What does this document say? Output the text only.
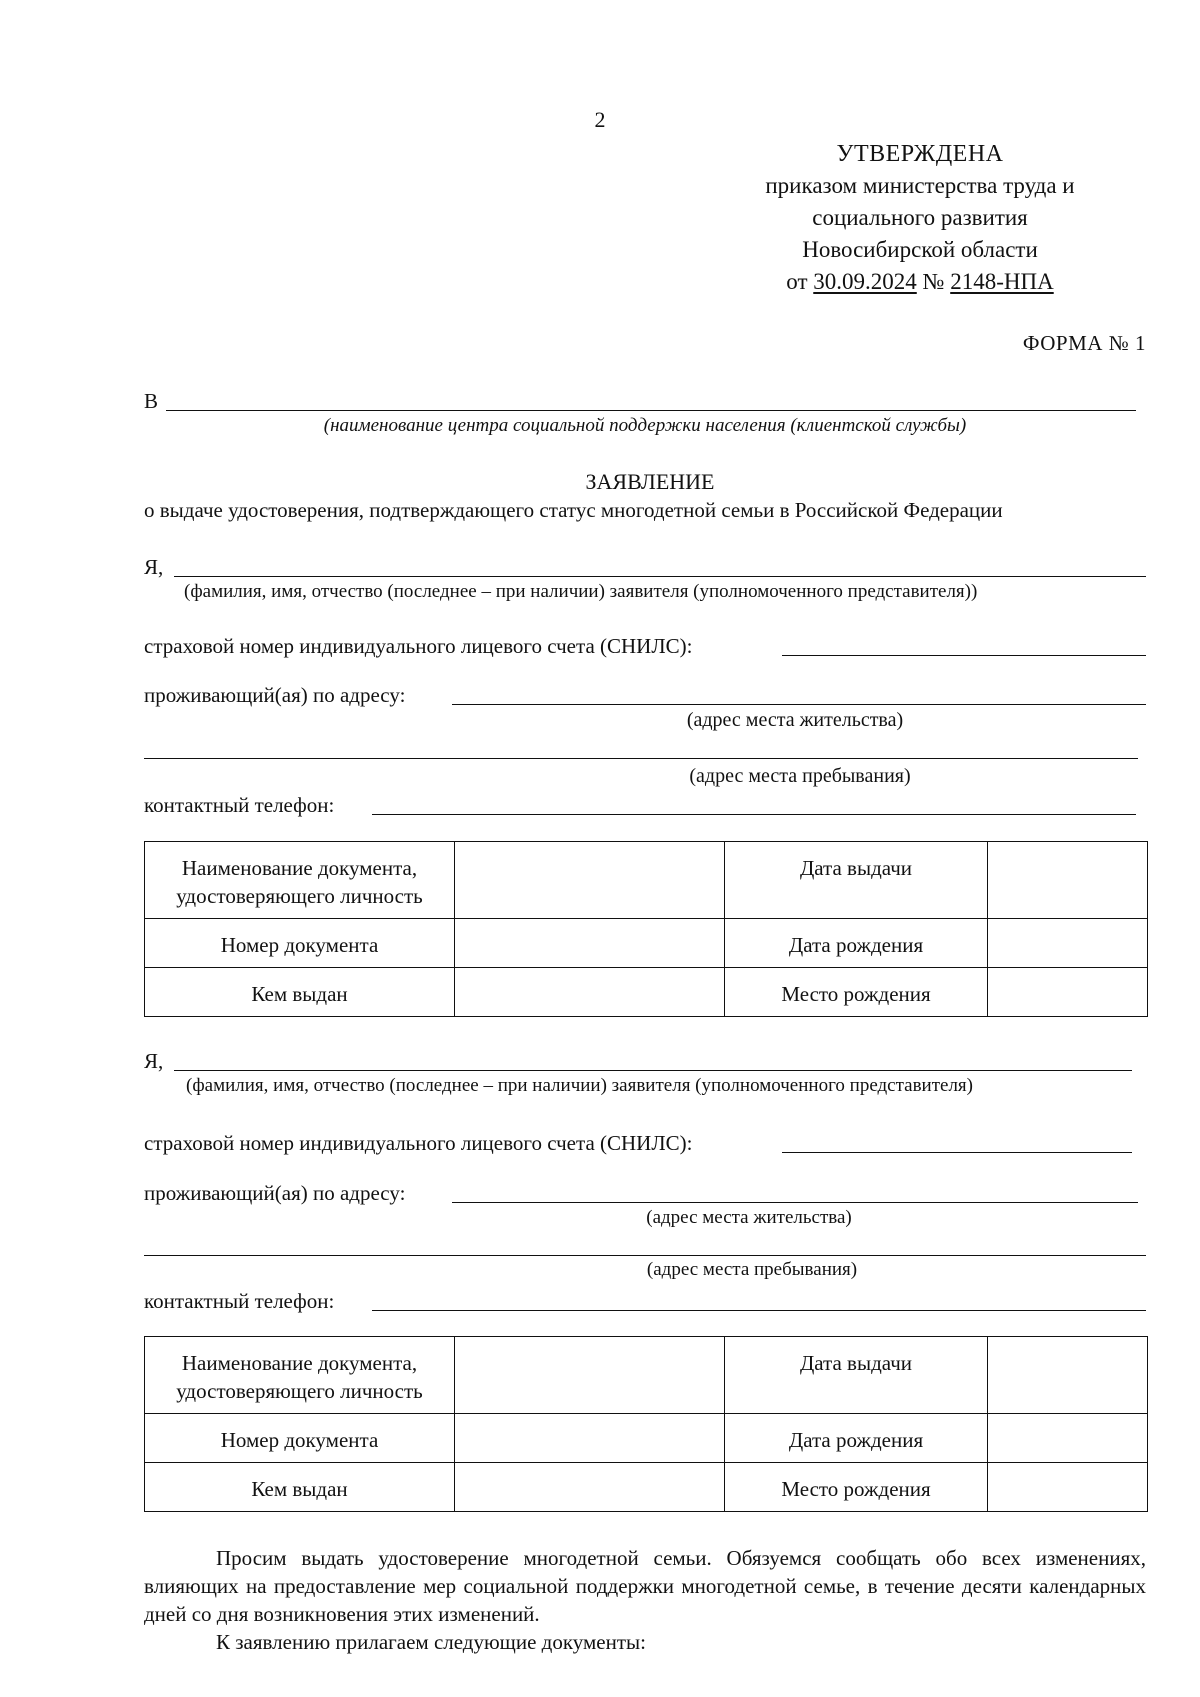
2
УТВЕРЖДЕНА
приказом министерства труда и
социального развития
Новосибирской области
от 30.09.2024 № 2148-НПА
ФОРМА № 1
В
(наименование центра социальной поддержки населения (клиентской службы)
ЗАЯВЛЕНИЕ
о выдаче удостоверения, подтверждающего статус многодетной семьи в Российской Федерации
Я,
(фамилия, имя, отчество (последнее – при наличии) заявителя (уполномоченного представителя))
страховой номер индивидуального лицевого счета (СНИЛС):
проживающий(ая) по адресу:
(адрес места жительства)
(адрес места пребывания)
контактный телефон:
Наименование документа, удостоверяющего личность		Дата выдачи	
Номер документа		Дата рождения	
Кем выдан		Место рождения	
Я,
(фамилия, имя, отчество (последнее – при наличии) заявителя (уполномоченного представителя)
страховой номер индивидуального лицевого счета (СНИЛС):
проживающий(ая) по адресу:
(адрес места жительства)
(адрес места пребывания)
контактный телефон:
Наименование документа, удостоверяющего личность		Дата выдачи	
Номер документа		Дата рождения	
Кем выдан		Место рождения	
Просим выдать удостоверение многодетной семьи. Обязуемся сообщать обо всех изменениях, влияющих на предоставление мер социальной поддержки многодетной семье, в течение десяти календарных дней со дня возникновения этих изменений.
К заявлению прилагаем следующие документы:
